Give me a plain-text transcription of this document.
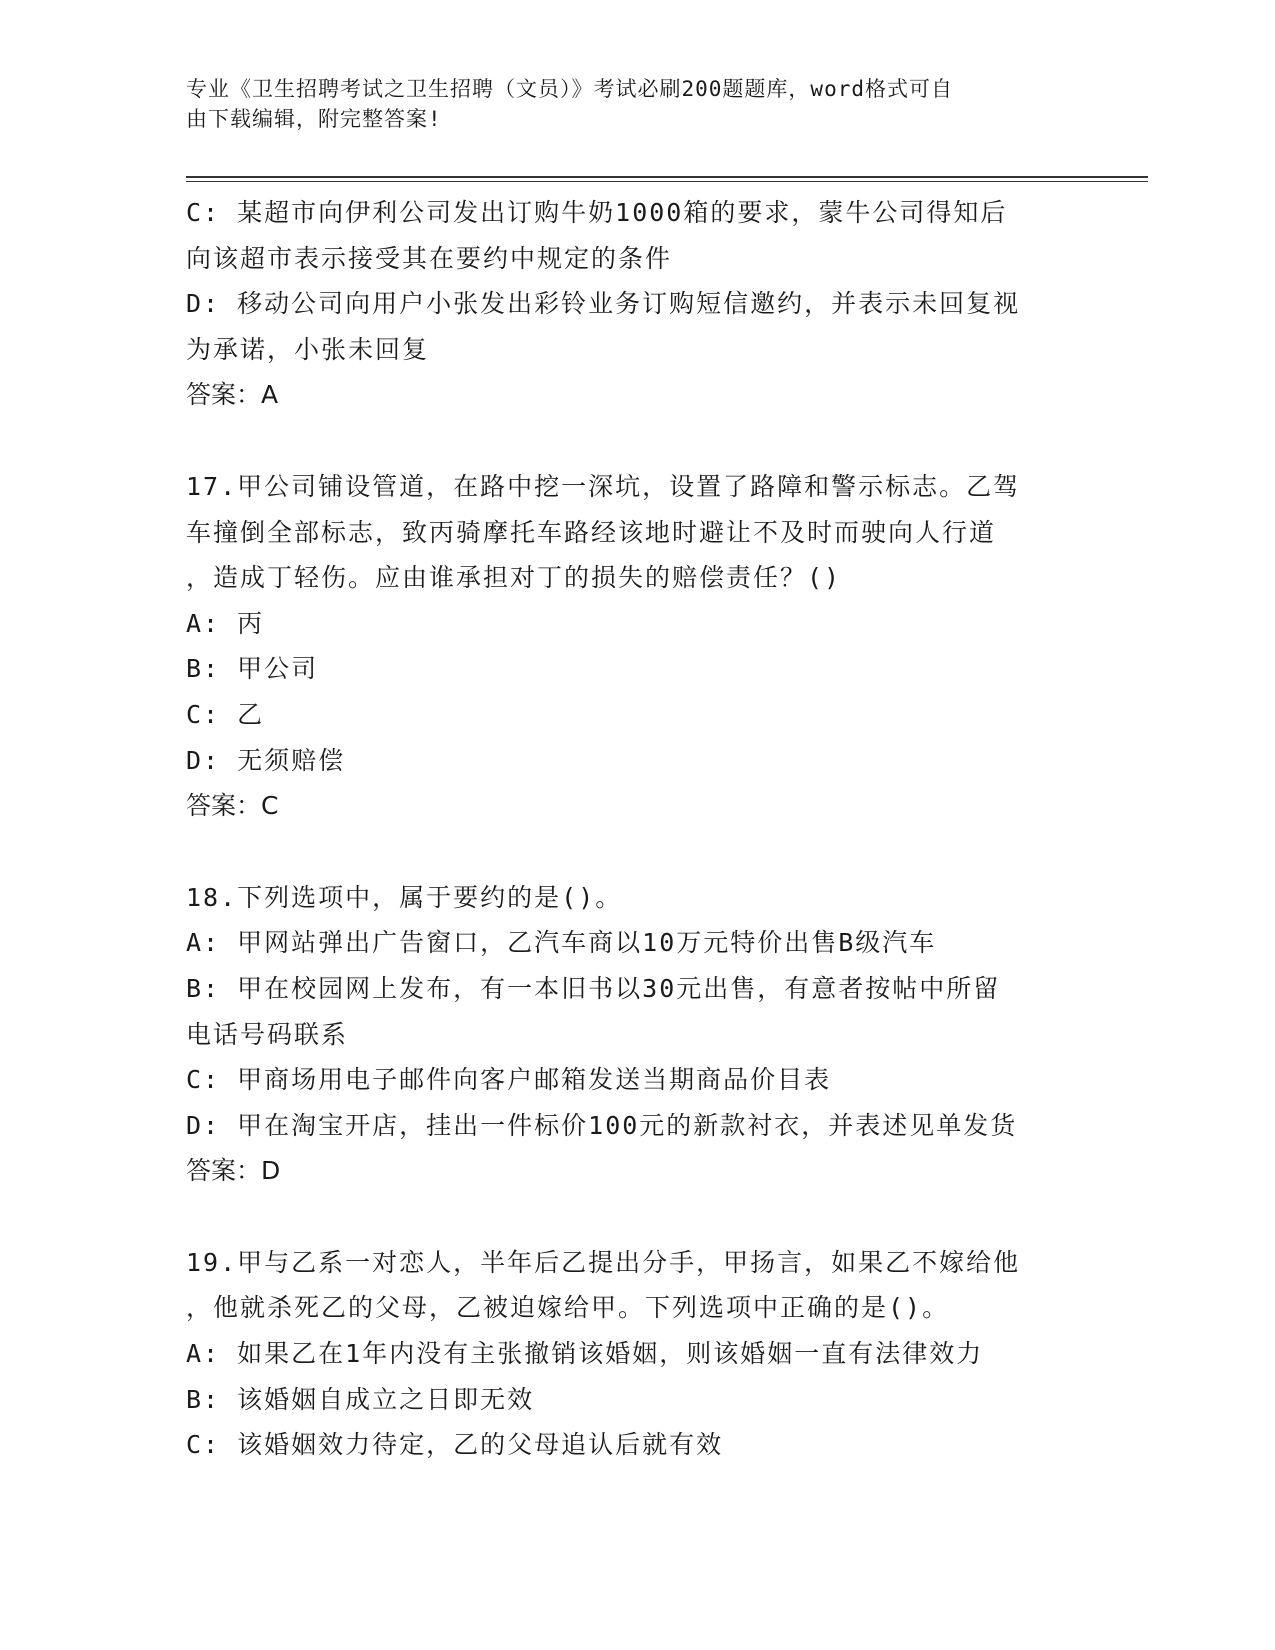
专业《卫生招聘考试之卫生招聘（文员）》考试必刷200题题库，word格式可自
由下载编辑，附完整答案!

C: 某超市向伊利公司发出订购牛奶1000箱的要求，蒙牛公司得知后

向该超市表示接受其在要约中规定的条件

D: 移动公司向用户小张发出彩铃业务订购短信邀约，并表示未回复视

为承诺，小张未回复

答案：A

17.甲公司铺设管道，在路中挖一深坑，设置了路障和警示标志。乙驾

车撞倒全部标志，致丙骑摩托车路经该地时避让不及时而驶向人行道

，造成丁轻伤。应由谁承担对丁的损失的赔偿责任？()

A: 丙

B: 甲公司

C: 乙

D: 无须赔偿

答案：C

18.下列选项中，属于要约的是()。

A: 甲网站弹出广告窗口，乙汽车商以10万元特价出售B级汽车

B: 甲在校园网上发布，有一本旧书以30元出售，有意者按帖中所留

电话号码联系

C: 甲商场用电子邮件向客户邮箱发送当期商品价目表

D: 甲在淘宝开店，挂出一件标价100元的新款衬衣，并表述见单发货

答案：D

19.甲与乙系一对恋人，半年后乙提出分手，甲扬言，如果乙不嫁给他

，他就杀死乙的父母，乙被迫嫁给甲。下列选项中正确的是()。

A: 如果乙在1年内没有主张撤销该婚姻，则该婚姻一直有法律效力

B: 该婚姻自成立之日即无效

C: 该婚姻效力待定，乙的父母追认后就有效
